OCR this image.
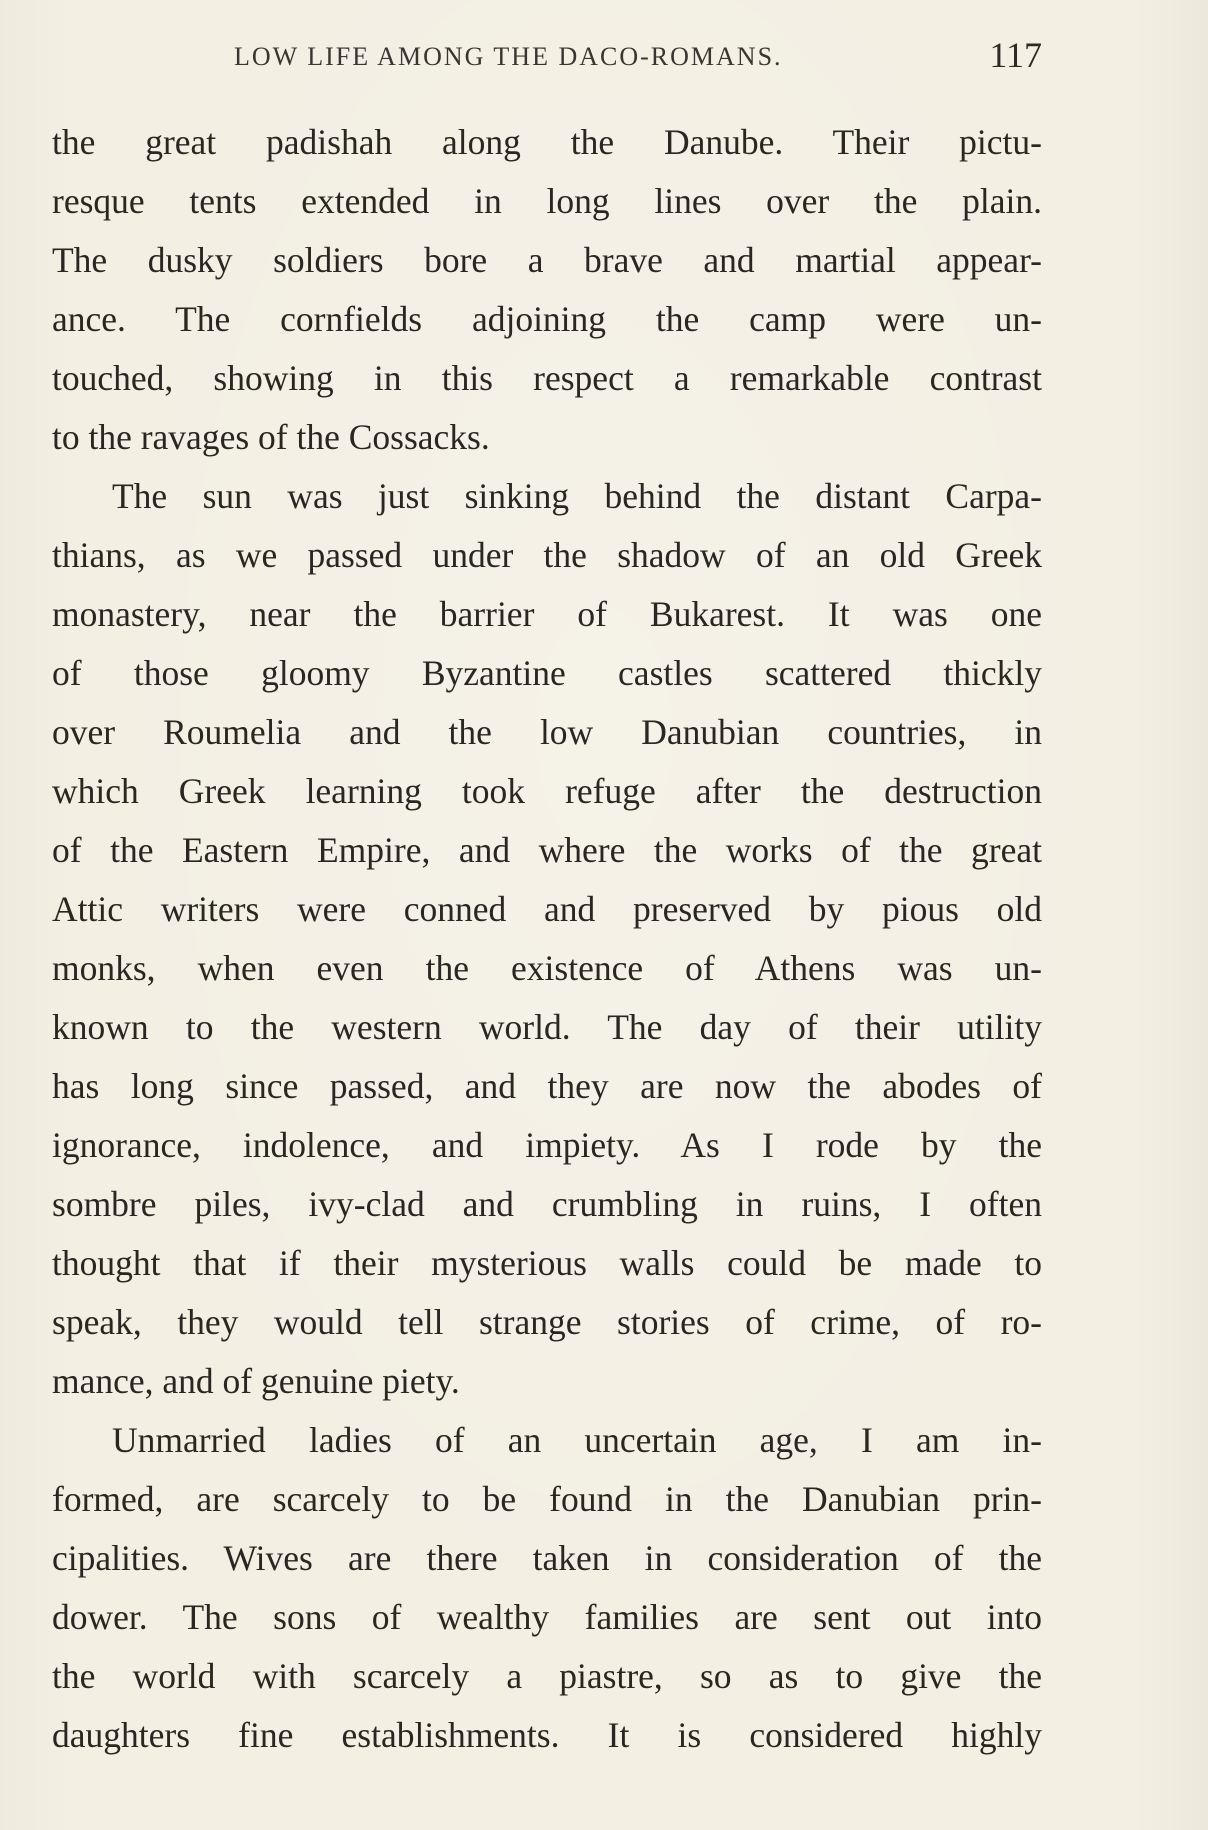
LOW LIFE AMONG THE DACO-ROMANS.	117
the great padishah along the Danube. Their pictu-
resque tents extended in long lines over the plain.
The dusky soldiers bore a brave and martial appear-
ance. The cornfields adjoining the camp were un-
touched, showing in this respect a remarkable contrast
to the ravages of the Cossacks.
The sun was just sinking behind the distant Carpa-
thians, as we passed under the shadow of an old Greek
monastery, near the barrier of Bukarest. It was one
of those gloomy Byzantine castles scattered thickly
over Roumelia and the low Danubian countries, in
which Greek learning took refuge after the destruction
of the Eastern Empire, and where the works of the great
Attic writers were conned and preserved by pious old
monks, when even the existence of Athens was un-
known to the western world. The day of their utility
has long since passed, and they are now the abodes of
ignorance, indolence, and impiety. As I rode by the
sombre piles, ivy-clad and crumbling in ruins, I often
thought that if their mysterious walls could be made to
speak, they would tell strange stories of crime, of ro-
mance, and of genuine piety.
Unmarried ladies of an uncertain age, I am in-
formed, are scarcely to be found in the Danubian prin-
cipalities. Wives are there taken in consideration of the
dower. The sons of wealthy families are sent out into
the world with scarcely a piastre, so as to give the
daughters fine establishments. It is considered highly
